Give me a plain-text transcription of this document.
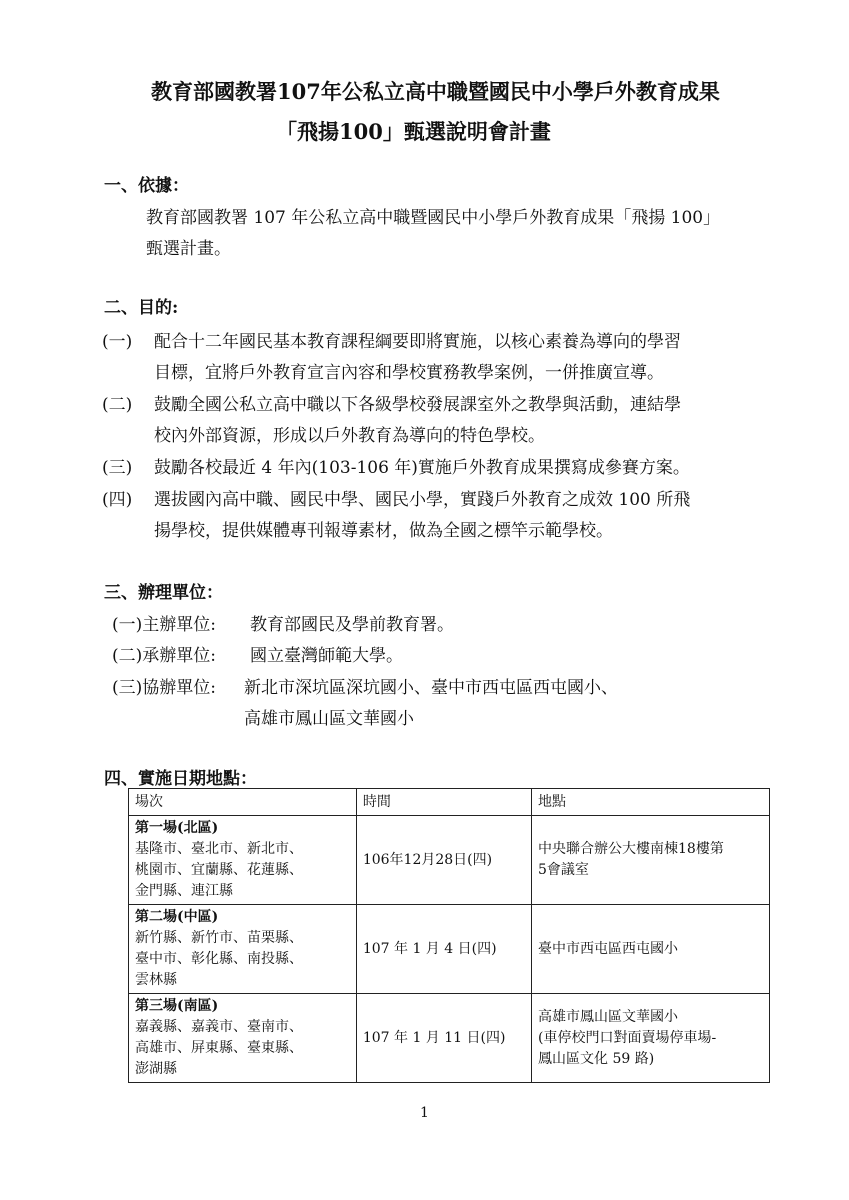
教育部國教署107年公私立高中職暨國民中小學戶外教育成果
「飛揚100」甄選說明會計畫
一、依據：
教育部國教署 107 年公私立高中職暨國民中小學戶外教育成果「飛揚 100」
甄選計畫。
二、目的:
(一) 配合十二年國民基本教育課程綱要即將實施，以核心素養為導向的學習
目標，宜將戶外教育宣言內容和學校實務教學案例，一併推廣宣導。
(二) 鼓勵全國公私立高中職以下各級學校發展課室外之教學與活動，連結學
校內外部資源，形成以戶外教育為導向的特色學校。
(三) 鼓勵各校最近 4 年內(103-106 年)實施戶外教育成果撰寫成參賽方案。
(四) 選拔國內高中職、國民中學、國民小學，實踐戶外教育之成效 100 所飛
揚學校，提供媒體專刊報導素材，做為全國之標竿示範學校。
三、辦理單位：
(一)主辦單位: 教育部國民及學前教育署。
(二)承辦單位: 國立臺灣師範大學。
(三)協辦單位: 新北市深坑區深坑國小、臺中市西屯區西屯國小、
高雄市鳳山區文華國小
四、實施日期地點：
場次	時間	地點

第一場(北區)
基隆市、臺北市、新北市、
桃園市、宜蘭縣、花蓮縣、
金門縣、連江縣	106年12月28日(四)	中央聯合辦公大樓南棟18樓第
5會議室

第二場(中區)
新竹縣、新竹市、苗栗縣、
臺中市、彰化縣、南投縣、
雲林縣	107 年 1 月 4 日(四)	臺中市西屯區西屯國小

第三場(南區)
嘉義縣、嘉義市、臺南市、
高雄市、屏東縣、臺東縣、
澎湖縣	107 年 1 月 11 日(四)	高雄市鳳山區文華國小
(車停校門口對面賣場停車場-
鳳山區文化 59 路)
1
